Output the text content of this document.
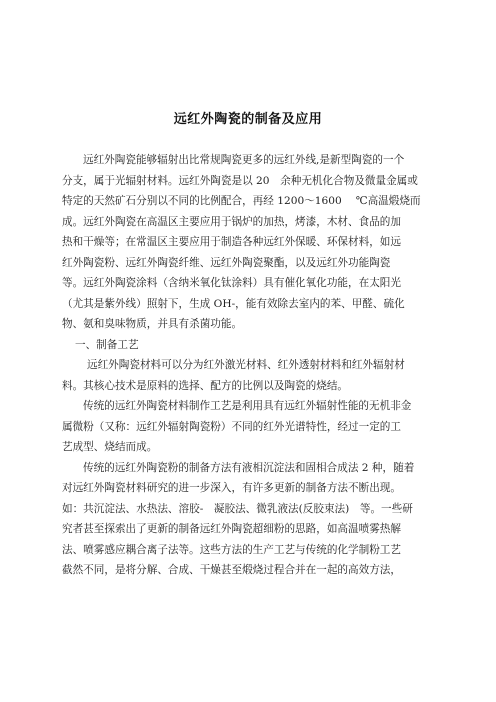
远红外陶瓷的制备及应用
远红外陶瓷能够辐射出比常规陶瓷更多的远红外线,是新型陶瓷的一个
分支，属于光辐射材料。远红外陶瓷是以 20　余种无机化合物及微量金属或
特定的天然矿石分别以不同的比例配合，再经 1200～1600　 ℃高温煅烧而
成。远红外陶瓷在高温区主要应用于锅炉的加热，烤漆，木材、食品的加
热和干燥等；在常温区主要应用于制造各种远红外保暖、环保材料，如远
红外陶瓷粉、远红外陶瓷纤维、远红外陶瓷聚酯，以及远红外功能陶瓷
等。远红外陶瓷涂料（含纳米氧化钛涂料）具有催化氧化功能，在太阳光
（尤其是紫外线）照射下，生成 OH-，能有效除去室内的苯、甲醛、硫化
物、氨和臭味物质，并具有杀菌功能。
一、制备工艺
远红外陶瓷材料可以分为红外激光材料、红外透射材料和红外辐射材
料。其核心技术是原料的选择、配方的比例以及陶瓷的烧结。
传统的远红外陶瓷材料制作工艺是利用具有远红外辐射性能的无机非金
属微粉（又称：远红外辐射陶瓷粉）不同的红外光谱特性，经过一定的工
艺成型、烧结而成。
传统的远红外陶瓷粉的制备方法有液相沉淀法和固相合成法 2 种，随着
对远红外陶瓷材料研究的进一步深入，有许多更新的制备方法不断出现。
如：共沉淀法、水热法、溶胶-　凝胶法、微乳液法(反胶束法)　等。一些研
究者甚至探索出了更新的制备远红外陶瓷超细粉的思路，如高温喷雾热解
法、喷雾感应耦合离子法等。这些方法的生产工艺与传统的化学制粉工艺
截然不同，是将分解、合成、干燥甚至煅烧过程合并在一起的高效方法，
